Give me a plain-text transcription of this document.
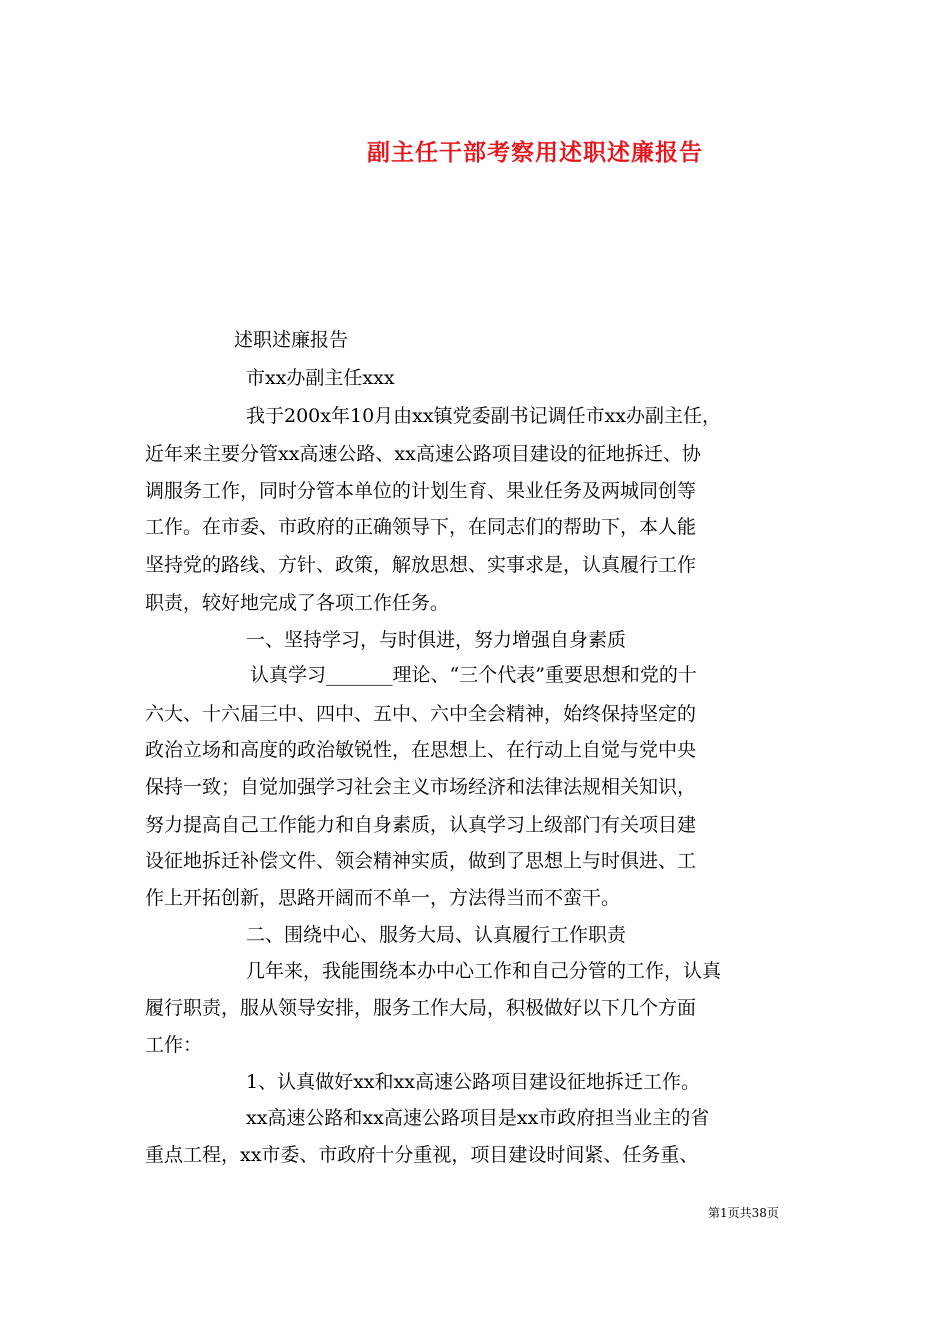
副主任干部考察用述职述廉报告
述职述廉报告
市xx办副主任xxx
我于200x年10月由xx镇党委副书记调任市xx办副主任，
近年来主要分管xx高速公路、xx高速公路项目建设的征地拆迁、协
调服务工作，同时分管本单位的计划生育、果业任务及两城同创等
工作。在市委、市政府的正确领导下，在同志们的帮助下，本人能
坚持党的路线、方针、政策，解放思想、实事求是，认真履行工作
职责，较好地完成了各项工作任务。
一、坚持学习，与时俱进，努力增强自身素质
认真学习_______理论、“三个代表”重要思想和党的十
六大、十六届三中、四中、五中、六中全会精神，始终保持坚定的
政治立场和高度的政治敏锐性，在思想上、在行动上自觉与党中央
保持一致；自觉加强学习社会主义市场经济和法律法规相关知识，
努力提高自己工作能力和自身素质，认真学习上级部门有关项目建
设征地拆迁补偿文件、领会精神实质，做到了思想上与时俱进、工
作上开拓创新，思路开阔而不单一，方法得当而不蛮干。
二、围绕中心、服务大局、认真履行工作职责
几年来，我能围绕本办中心工作和自己分管的工作，认真
履行职责，服从领导安排，服务工作大局，积极做好以下几个方面
工作：
1、认真做好xx和xx高速公路项目建设征地拆迁工作。
xx高速公路和xx高速公路项目是xx市政府担当业主的省
重点工程，xx市委、市政府十分重视，项目建设时间紧、任务重、
第1页共38页
